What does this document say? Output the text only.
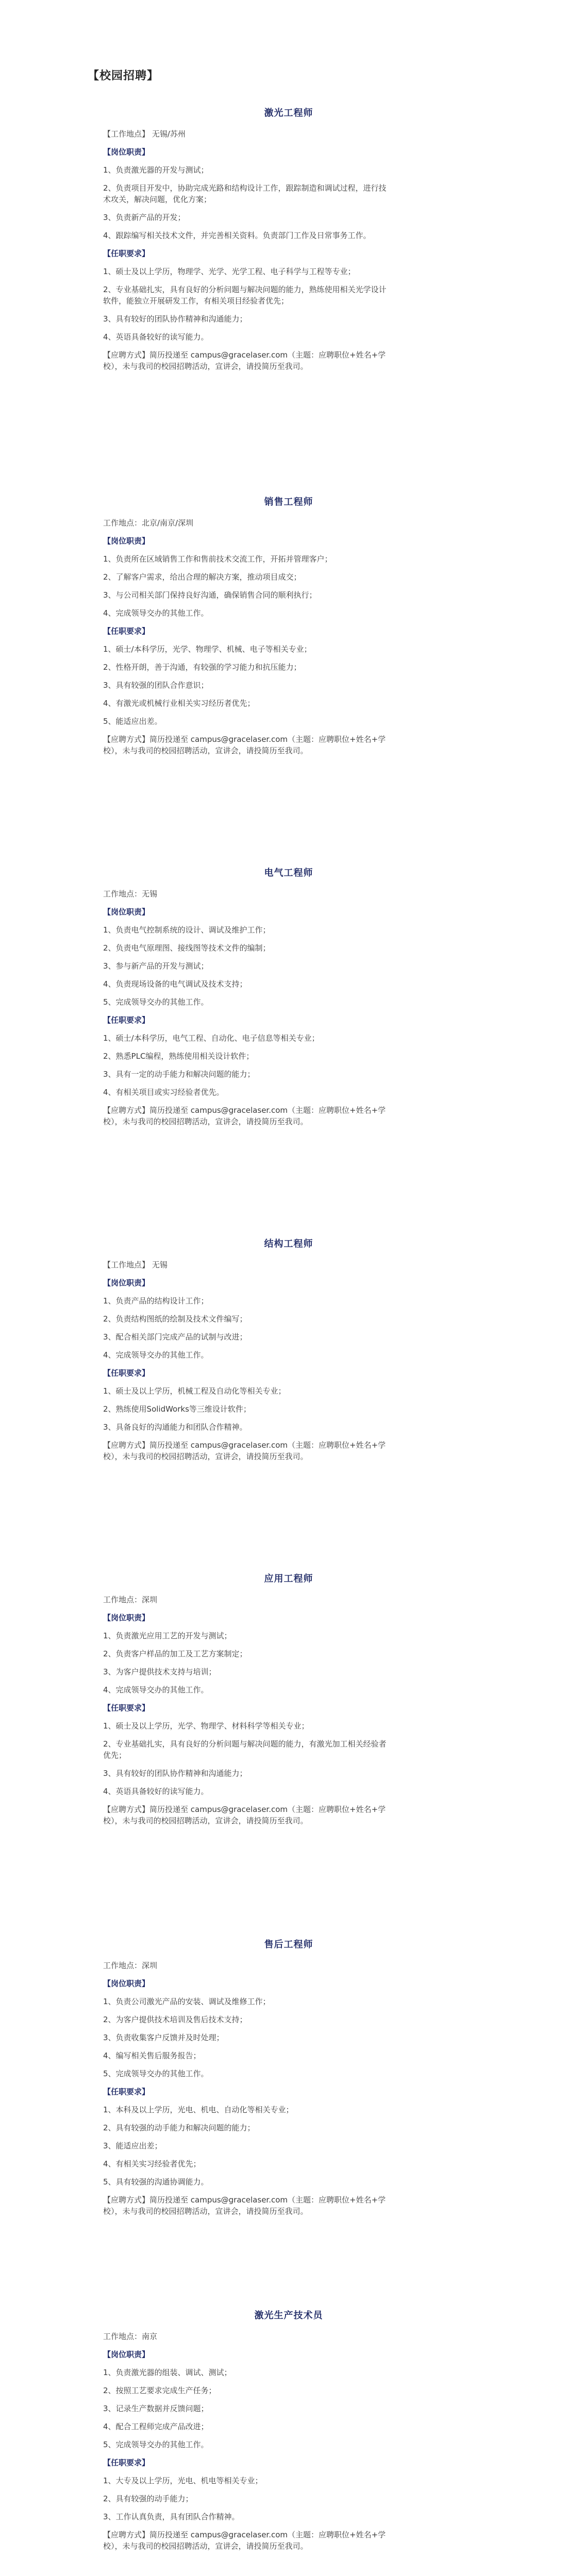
【校园招聘】
激光工程师
【工作地点】 无锡/苏州
【岗位职责】
1、负责激光器的开发与测试；
2、负责项目开发中，协助完成光路和结构设计工作，跟踪制造和调试过程，进行技术攻关，解决问题，优化方案；
3、负责新产品的开发；
4、跟踪编写相关技术文件，并完善相关资料。负责部门工作及日常事务工作。
【任职要求】
1、硕士及以上学历，物理学、光学、光学工程、电子科学与工程等专业；
2、专业基础扎实，具有良好的分析问题与解决问题的能力，熟练使用相关光学设计软件，能独立开展研发工作，有相关项目经验者优先；
3、具有较好的团队协作精神和沟通能力；
4、英语具备较好的读写能力。
【应聘方式】简历投递至 campus@gracelaser.com（主题：应聘职位+姓名+学校），未与我司的校园招聘活动，宣讲会，请投简历至我司。
销售工程师
工作地点：北京/南京/深圳
【岗位职责】
1、负责所在区域销售工作和售前技术交流工作，开拓并管理客户；
2、了解客户需求，给出合理的解决方案，推动项目成交；
3、与公司相关部门保持良好沟通，确保销售合同的顺利执行；
4、完成领导交办的其他工作。
【任职要求】
1、硕士/本科学历，光学、物理学、机械、电子等相关专业；
2、性格开朗，善于沟通，有较强的学习能力和抗压能力；
3、具有较强的团队合作意识；
4、有激光或机械行业相关实习经历者优先；
5、能适应出差。
【应聘方式】简历投递至 campus@gracelaser.com（主题：应聘职位+姓名+学校），未与我司的校园招聘活动，宣讲会，请投简历至我司。
电气工程师
工作地点：无锡
【岗位职责】
1、负责电气控制系统的设计、调试及维护工作；
2、负责电气原理图、接线图等技术文件的编制；
3、参与新产品的开发与测试；
4、负责现场设备的电气调试及技术支持；
5、完成领导交办的其他工作。
【任职要求】
1、硕士/本科学历，电气工程、自动化、电子信息等相关专业；
2、熟悉PLC编程，熟练使用相关设计软件；
3、具有一定的动手能力和解决问题的能力；
4、有相关项目或实习经验者优先。
【应聘方式】简历投递至 campus@gracelaser.com（主题：应聘职位+姓名+学校），未与我司的校园招聘活动，宣讲会，请投简历至我司。
结构工程师
【工作地点】 无锡
【岗位职责】
1、负责产品的结构设计工作；
2、负责结构图纸的绘制及技术文件编写；
3、配合相关部门完成产品的试制与改进；
4、完成领导交办的其他工作。
【任职要求】
1、硕士及以上学历，机械工程及自动化等相关专业；
2、熟练使用SolidWorks等三维设计软件；
3、具备良好的沟通能力和团队合作精神。
【应聘方式】简历投递至 campus@gracelaser.com（主题：应聘职位+姓名+学校），未与我司的校园招聘活动，宣讲会，请投简历至我司。
应用工程师
工作地点：深圳
【岗位职责】
1、负责激光应用工艺的开发与测试；
2、负责客户样品的加工及工艺方案制定；
3、为客户提供技术支持与培训；
4、完成领导交办的其他工作。
【任职要求】
1、硕士及以上学历，光学、物理学、材料科学等相关专业；
2、专业基础扎实，具有良好的分析问题与解决问题的能力，有激光加工相关经验者优先；
3、具有较好的团队协作精神和沟通能力；
4、英语具备较好的读写能力。
【应聘方式】简历投递至 campus@gracelaser.com（主题：应聘职位+姓名+学校），未与我司的校园招聘活动，宣讲会，请投简历至我司。
售后工程师
工作地点：深圳
【岗位职责】
1、负责公司激光产品的安装、调试及维修工作；
2、为客户提供技术培训及售后技术支持；
3、负责收集客户反馈并及时处理；
4、编写相关售后服务报告；
5、完成领导交办的其他工作。
【任职要求】
1、本科及以上学历，光电、机电、自动化等相关专业；
2、具有较强的动手能力和解决问题的能力；
3、能适应出差；
4、有相关实习经验者优先；
5、具有较强的沟通协调能力。
【应聘方式】简历投递至 campus@gracelaser.com（主题：应聘职位+姓名+学校），未与我司的校园招聘活动，宣讲会，请投简历至我司。
激光生产技术员
工作地点：南京
【岗位职责】
1、负责激光器的组装、调试、测试；
2、按照工艺要求完成生产任务；
3、记录生产数据并反馈问题；
4、配合工程师完成产品改进；
5、完成领导交办的其他工作。
【任职要求】
1、大专及以上学历，光电、机电等相关专业；
2、具有较强的动手能力；
3、工作认真负责，具有团队合作精神。
【应聘方式】简历投递至 campus@gracelaser.com（主题：应聘职位+姓名+学校），未与我司的校园招聘活动，宣讲会，请投简历至我司。
